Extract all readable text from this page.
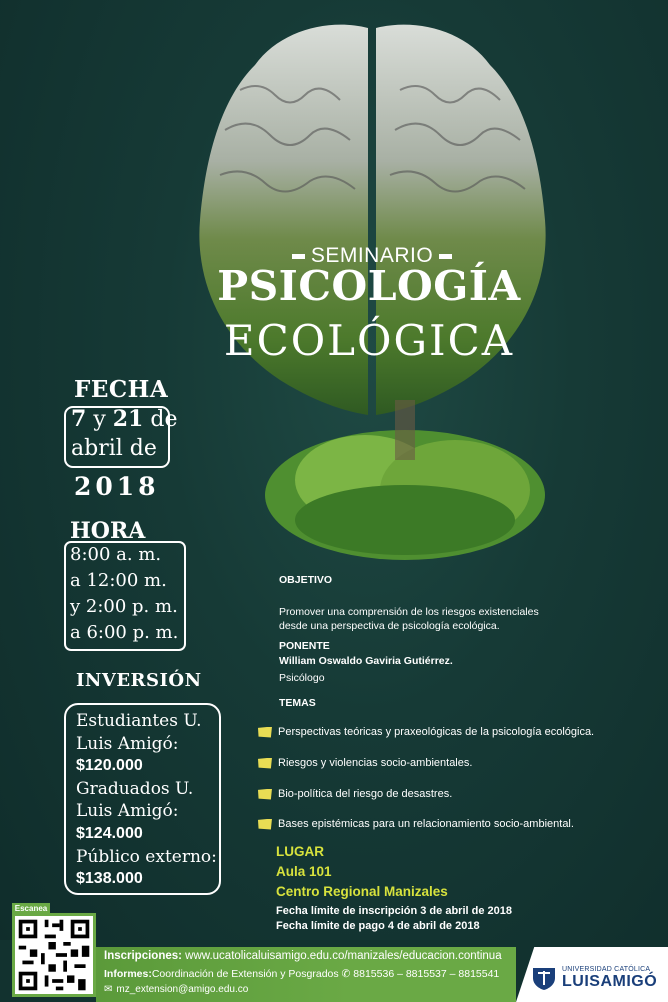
SEMINARIO
PSICOLOGÍA
ECOLÓGICA
FECHA
7 y 21 de
abril de
2018
HORA
8:00 a. m.
a 12:00 m.
y 2:00 p. m.
a 6:00 p. m.
INVERSIÓN
Estudiantes U.
Luis Amigó:
$120.000
Graduados U.
Luis Amigó:
$124.000
Público externo:
$138.000
OBJETIVO
Promover una comprensión de los riesgos existenciales
desde una perspectiva de psicología ecológica.
PONENTE
William Oswaldo Gaviria Gutiérrez.
Psicólogo
TEMAS
Perspectivas teóricas y praxeológicas de la psicología ecológica.
Riesgos y violencias socio-ambientales.
Bio-política del riesgo de desastres.
Bases epistémicas para un relacionamiento socio-ambiental.
LUGAR
Aula 101
Centro Regional Manizales
Fecha límite de inscripción 3 de abril de 2018
Fecha límite de pago 4 de abril de 2018
Escanea
Inscripciones: www.ucatolicaluisamigo.edu.co/manizales/educacion.continua
Informes:Coordinación de Extensión y Posgrados ✆ 8815536 – 8815537 – 8815541
✉ mz_extension@amigo.edu.co
UNIVERSIDAD CATÓLICA
LUISAMIGÓ
